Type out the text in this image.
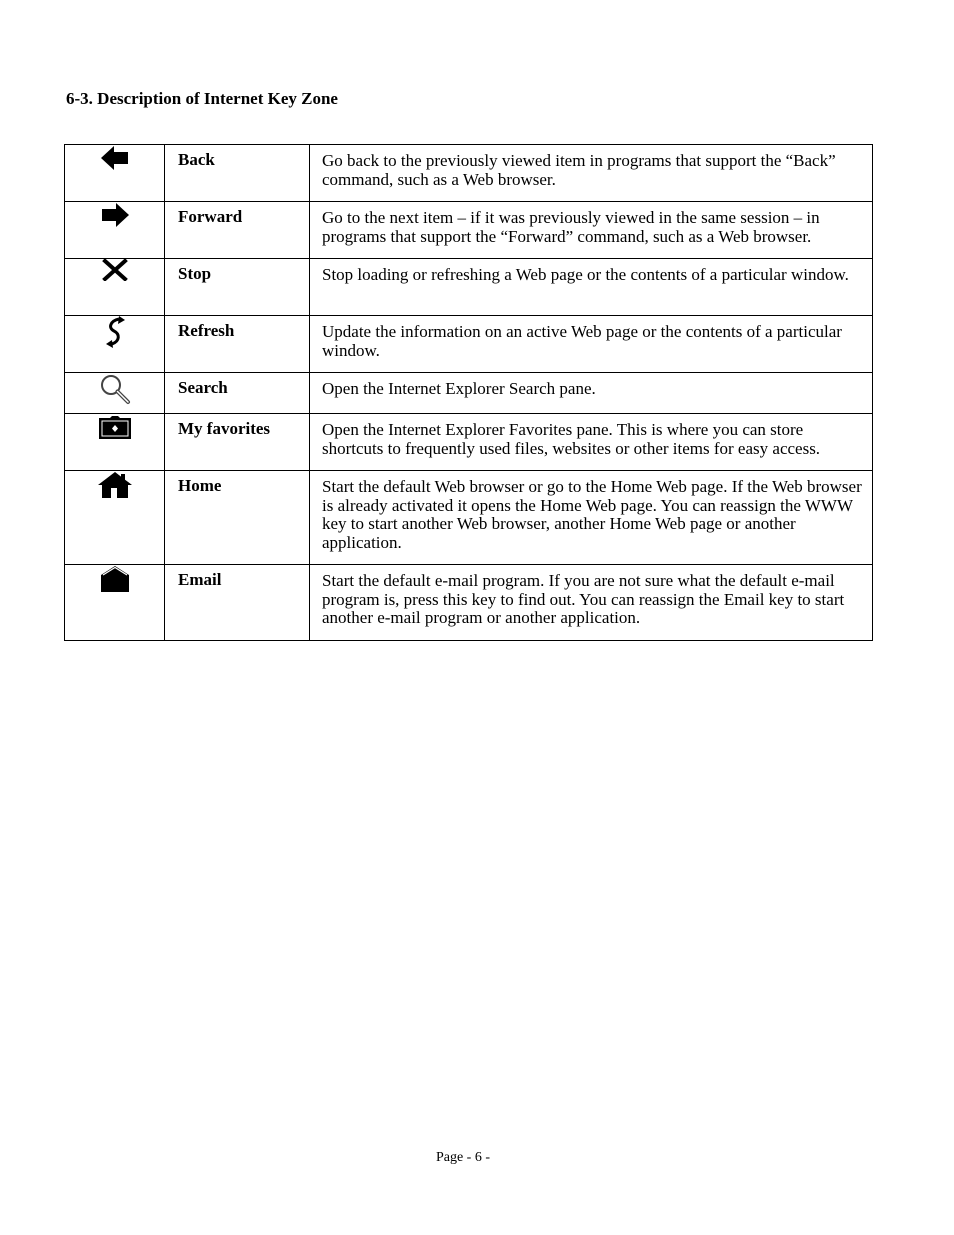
6-3. Description of Internet Key Zone
	Back	Go back to the previously viewed item in programs that support the “Back” command, such as a Web browser.

	Forward	Go to the next item – if it was previously viewed in the same session – in programs that support the “Forward” command, such as a Web browser.

	Stop	Stop loading or refreshing a Web page or the contents of a particular window.

	Refresh	Update the information on an active Web page or the contents of a particular window.

	Search	Open the Internet Explorer Search pane.

	My favorites	Open the Internet Explorer Favorites pane. This is where you can store shortcuts to frequently used files, websites or other items for easy access.

	Home	Start the default Web browser or go to the Home Web page. If the Web browser is already activated it opens the Home Web page. You can reassign the WWW key to start another Web browser, another Home Web page or another application.

	Email	Start the default e-mail program. If you are not sure what the default e-mail program is, press this key to find out. You can reassign the Email key to start another e-mail program or another application.
Page - 6 -
